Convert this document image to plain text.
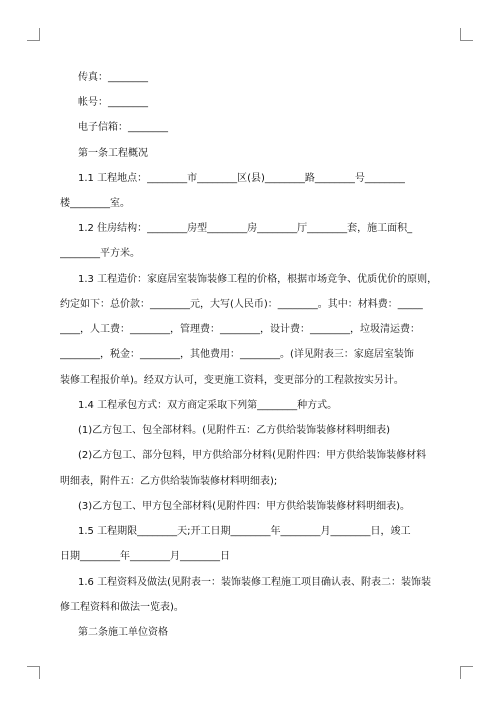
传真：________
帐号：________
电子信箱：________
第一条工程概况
1.1 工程地点：________市________区(县)________路________号________
楼________室。
1.2 住房结构：________房型________房________厅________套，施工面积_
________平方米。
1.3 工程造价：家庭居室装饰装修工程的价格，根据市场竞争、优质优价的原则，
约定如下：总价款：________元，大写(人民币)：________。其中：材料费：_____
____，人工费：________，管理费：________，设计费：________，垃圾清运费：
________，税金：________，其他费用：________。(详见附表三：家庭居室装饰
装修工程报价单)。经双方认可，变更施工资料，变更部分的工程款按实另计。
1.4 工程承包方式：双方商定采取下列第________种方式。
(1)乙方包工、包全部材料。(见附件五：乙方供给装饰装修材料明细表)
(2)乙方包工、部分包料，甲方供给部分材料(见附件四：甲方供给装饰装修材料
明细表，附件五：乙方供给装饰装修材料明细表);
(3)乙方包工、甲方包全部材料(见附件四：甲方供给装饰装修材料明细表)。
1.5 工程期限________天;开工日期________年________月________日，竣工
日期________年________月________日
1.6 工程资料及做法(见附表一：装饰装修工程施工项目确认表、附表二：装饰装
修工程资料和做法一览表)。
第二条施工单位资格
